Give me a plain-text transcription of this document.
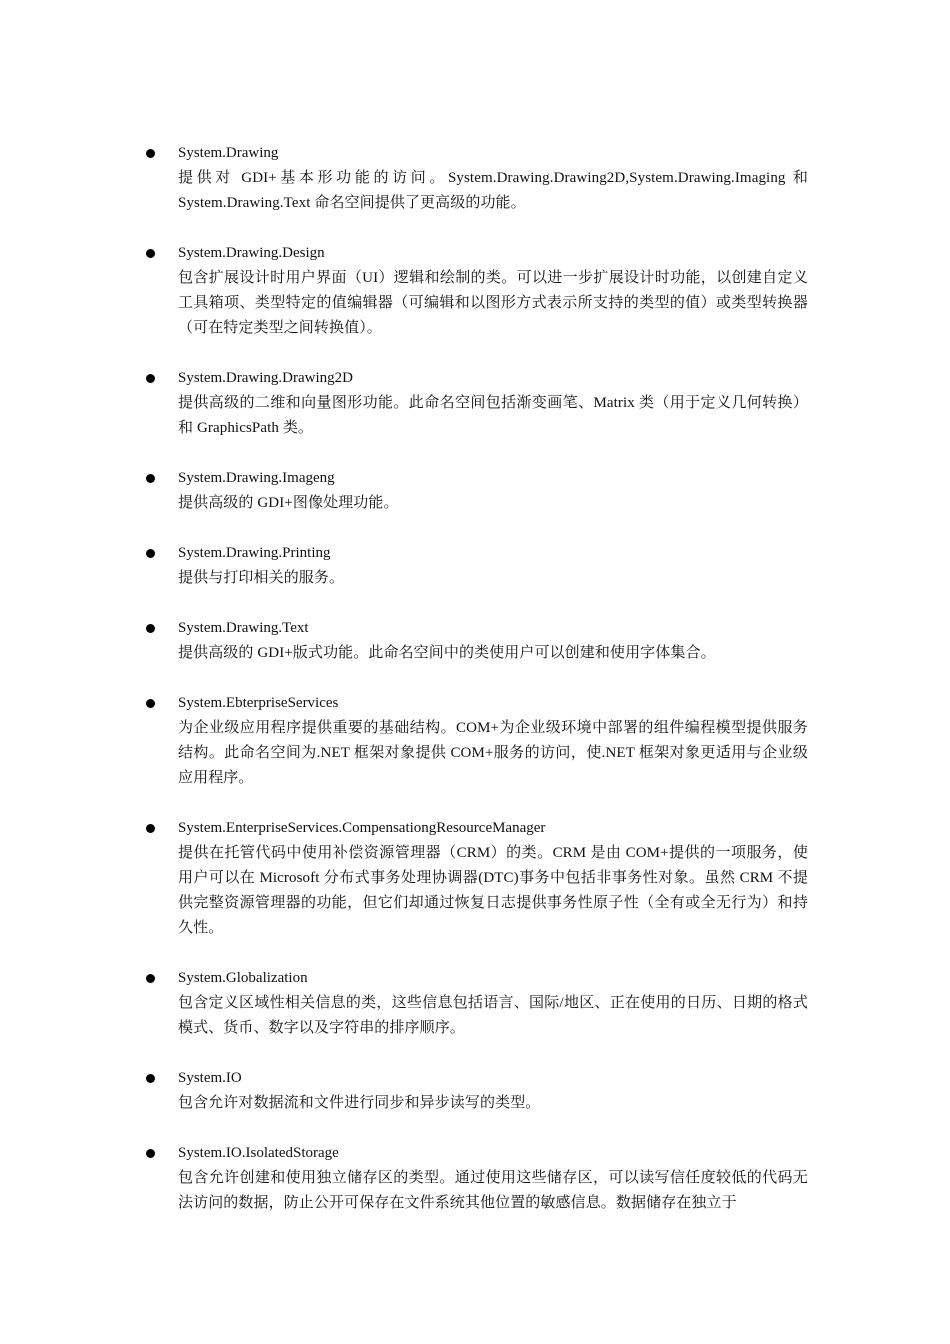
System.Drawing
提供对 GDI+基本形功能的访问。System.Drawing.Drawing2D,System.Drawing.Imaging 和 System.Drawing.Text 命名空间提供了更高级的功能。
System.Drawing.Design
包含扩展设计时用户界面（UI）逻辑和绘制的类。可以进一步扩展设计时功能，以创建自定义工具箱项、类型特定的值编辑器（可编辑和以图形方式表示所支持的类型的值）或类型转换器（可在特定类型之间转换值）。
System.Drawing.Drawing2D
提供高级的二维和向量图形功能。此命名空间包括渐变画笔、Matrix 类（用于定义几何转换）和 GraphicsPath 类。
System.Drawing.Imageng
提供高级的 GDI+图像处理功能。
System.Drawing.Printing
提供与打印相关的服务。
System.Drawing.Text
提供高级的 GDI+版式功能。此命名空间中的类使用户可以创建和使用字体集合。
System.EbterpriseServices
为企业级应用程序提供重要的基础结构。COM+为企业级环境中部署的组件编程模型提供服务结构。此命名空间为.NET 框架对象提供 COM+服务的访问，使.NET 框架对象更适用与企业级应用程序。
System.EnterpriseServices.CompensationgResourceManager
提供在托管代码中使用补偿资源管理器（CRM）的类。CRM 是由 COM+提供的一项服务，使用户可以在 Microsoft 分布式事务处理协调器(DTC)事务中包括非事务性对象。虽然 CRM 不提供完整资源管理器的功能，但它们却通过恢复日志提供事务性原子性（全有或全无行为）和持久性。
System.Globalization
包含定义区域性相关信息的类，这些信息包括语言、国际/地区、正在使用的日历、日期的格式模式、货币、数字以及字符串的排序顺序。
System.IO
包含允许对数据流和文件进行同步和异步读写的类型。
System.IO.IsolatedStorage
包含允许创建和使用独立储存区的类型。通过使用这些储存区，可以读写信任度较低的代码无法访问的数据，防止公开可保存在文件系统其他位置的敏感信息。数据储存在独立于
